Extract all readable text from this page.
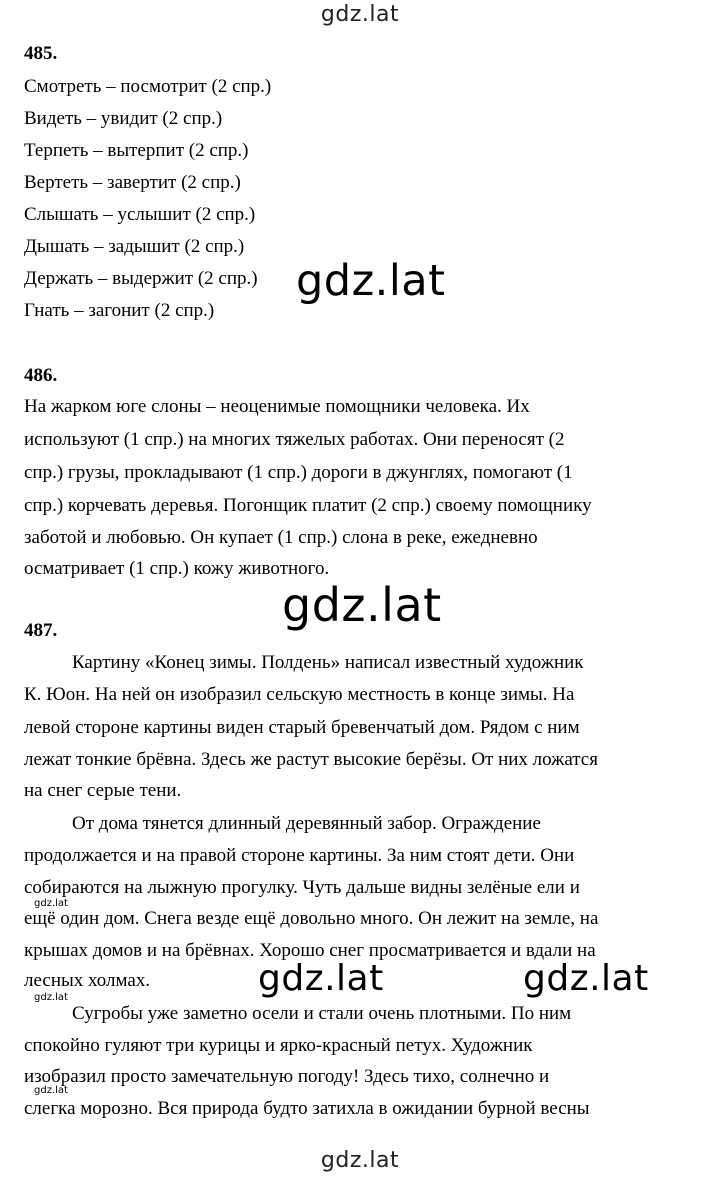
gdz.lat
485.
Смотреть – посмотрит (2 спр.)
Видеть – увидит (2 спр.)
Терпеть – вытерпит (2 спр.)
Вертеть – завертит (2 спр.)
Слышать – услышит (2 спр.)
Дышать – задышит (2 спр.)
Держать – выдержит (2 спр.)
Гнать – загонит (2 спр.)
486.
На жарком юге слоны – неоценимые помощники человека. Их
используют (1 спр.) на многих тяжелых работах. Они переносят (2
спр.) грузы, прокладывают (1 спр.) дороги в джунглях, помогают (1
спр.) корчевать деревья. Погонщик платит (2 спр.) своему помощнику
заботой и любовью. Он купает (1 спр.) слона в реке, ежедневно
осматривает (1 спр.) кожу животного.
487.
Картину «Конец зимы. Полдень» написал известный художник
К. Юон. На ней он изобразил сельскую местность в конце зимы. На
левой стороне картины виден старый бревенчатый дом. Рядом с ним
лежат тонкие брёвна. Здесь же растут высокие берёзы. От них ложатся
на снег серые тени.
От дома тянется длинный деревянный забор. Ограждение
продолжается и на правой стороне картины. За ним стоят дети. Они
собираются на лыжную прогулку. Чуть дальше видны зелёные ели и
ещё один дом. Снега везде ещё довольно много. Он лежит на земле, на
крышах домов и на брёвнах. Хорошо снег просматривается и вдали на
лесных холмах.
Сугробы уже заметно осели и стали очень плотными. По ним
спокойно гуляют три курицы и ярко-красный петух. Художник
изобразил просто замечательную погоду! Здесь тихо, солнечно и
слегка морозно. Вся природа будто затихла в ожидании бурной весны
gdz.lat
gdz.lat
gdz.lat	gdz.lat
gdz.lat
gdz.lat
gdz.lat
gdz.lat
